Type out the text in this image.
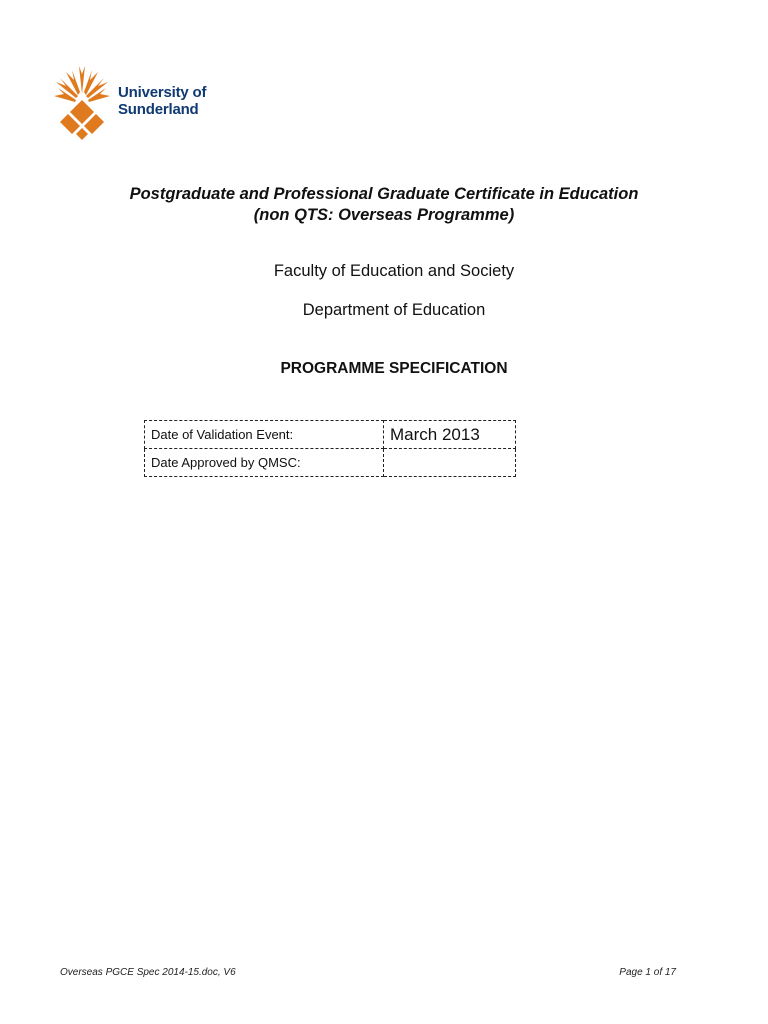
University of
Sunderland
Postgraduate and Professional Graduate Certificate in Education
(non QTS: Overseas Programme)
Faculty of Education and Society
Department of Education
PROGRAMME SPECIFICATION
Date of Validation Event:	March 2013
Date Approved by QMSC:	
Overseas PGCE Spec 2014-15.doc, V6	Page 1 of 17
